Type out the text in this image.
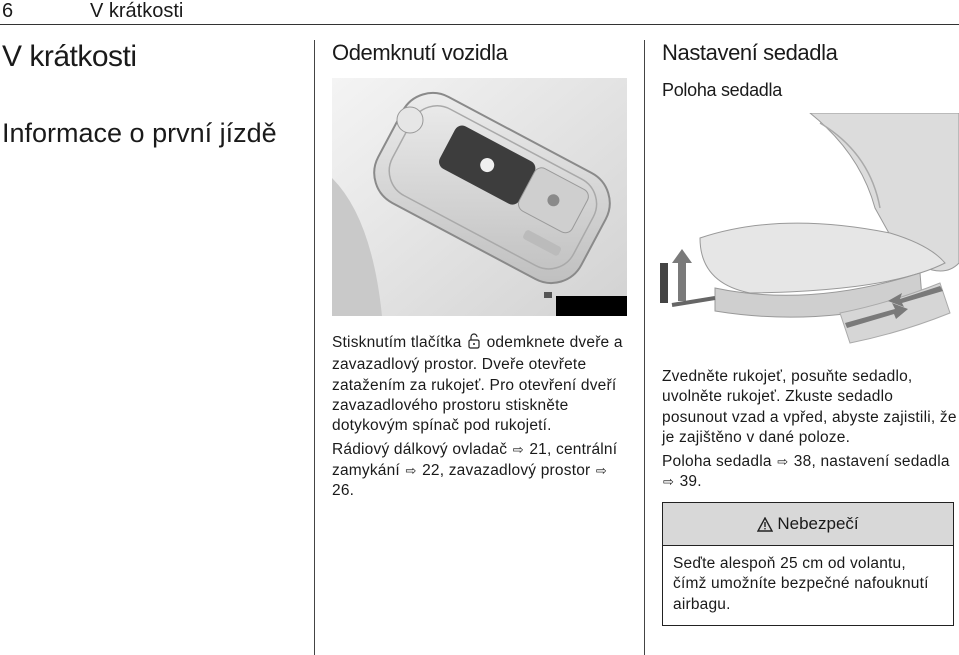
6	V krátkosti
V krátkosti
Informace o první jízdě
Odemknutí vozidla

Stisknutím tlačítka odemknete dveře a zavazadlový prostor. Dveře otevřete zatažením za rukojeť. Pro otevření dveří zavazadlového prostoru stiskněte dotykovým spínač pod rukojetí.

Rádiový dálkový ovladač ⇨ 21, centrální zamykání ⇨ 22, zavazadlový prostor ⇨ 26.

Nastavení sedadla
Poloha sedadla

Zvedněte rukojeť, posuňte sedadlo, uvolněte rukojeť. Zkuste sedadlo posunout vzad a vpřed, abyste zajistili, že je zajištěno v dané poloze.

Poloha sedadla ⇨ 38, nastavení sedadla ⇨ 39.

Nebezpečí
Seďte alespoň 25 cm od volantu, čímž umožníte bezpečné nafouknutí airbagu.
